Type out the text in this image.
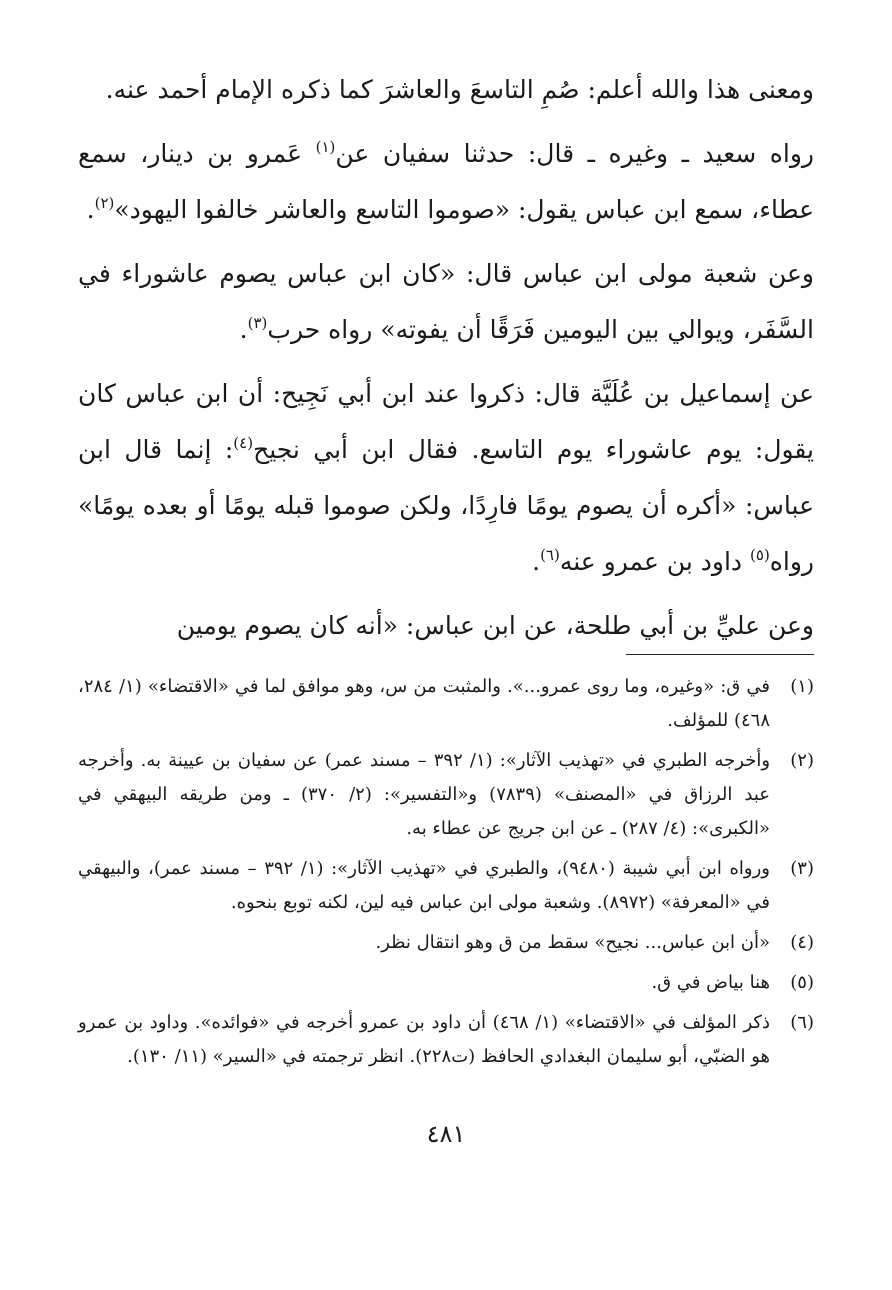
ومعنى هذا والله أعلم: صُمِ التاسعَ والعاشرَ كما ذكره الإمام أحمد عنه.

رواه سعيد ـ وغيره ـ قال: حدثنا سفيان عن$^{(١)}$ عَمرو بن دينار، سمع عطاء، سمع ابن عباس يقول: «صوموا التاسع والعاشر خالفوا اليهود»$^{(٢)}$.

وعن شعبة مولى ابن عباس قال: «كان ابن عباس يصوم عاشوراء في السَّفَر، ويوالي بين اليومين فَرَقًا أن يفوته» رواه حرب$^{(٣)}$.

عن إسماعيل بن عُلَيَّة قال: ذكروا عند ابن أبي نَجِيح: أن ابن عباس كان يقول: يوم عاشوراء يوم التاسع. فقال ابن أبي نجيح$^{(٤)}$: إنما قال ابن عباس: «أكره أن يصوم يومًا فارِدًا، ولكن صوموا قبله يومًا أو بعده يومًا» رواه$^{(٥)}$ داود بن عمرو عنه$^{(٦)}$.

وعن عليِّ بن أبي طلحة، عن ابن عباس: «أنه كان يصوم يومين

(١)
في ق: «وغيره، وما روى عمرو...». والمثبت من س، وهو موافق لما في «الاقتضاء» (١/ ٢٨٤، ٤٦٨) للمؤلف.
(٢)
وأخرجه الطبري في «تهذيب الآثار»: (١/ ٣٩٢ – مسند عمر) عن سفيان بن عيينة به. وأخرجه عبد الرزاق في «المصنف» (٧٨٣٩) و«التفسير»: (٢/ ٣٧٠) ـ ومن طريقه البيهقي في «الكبرى»: (٤/ ٢٨٧) ـ عن ابن جريج عن عطاء به.
(٣)
ورواه ابن أبي شيبة (٩٤٨٠)، والطبري في «تهذيب الآثار»: (١/ ٣٩٢ – مسند عمر)، والبيهقي في «المعرفة» (٨٩٧٢). وشعبة مولى ابن عباس فيه لين، لكنه توبع بنحوه.
(٤)
«أن ابن عباس... نجيح» سقط من ق وهو انتقال نظر.
(٥)
هنا بياض في ق.
(٦)
ذكر المؤلف في «الاقتضاء» (١/ ٤٦٨) أن داود بن عمرو أخرجه في «فوائده». وداود بن عمرو هو الضبّي، أبو سليمان البغدادي الحافظ (ت٢٢٨). انظر ترجمته في «السير» (١١/ ١٣٠).
٤٨١
